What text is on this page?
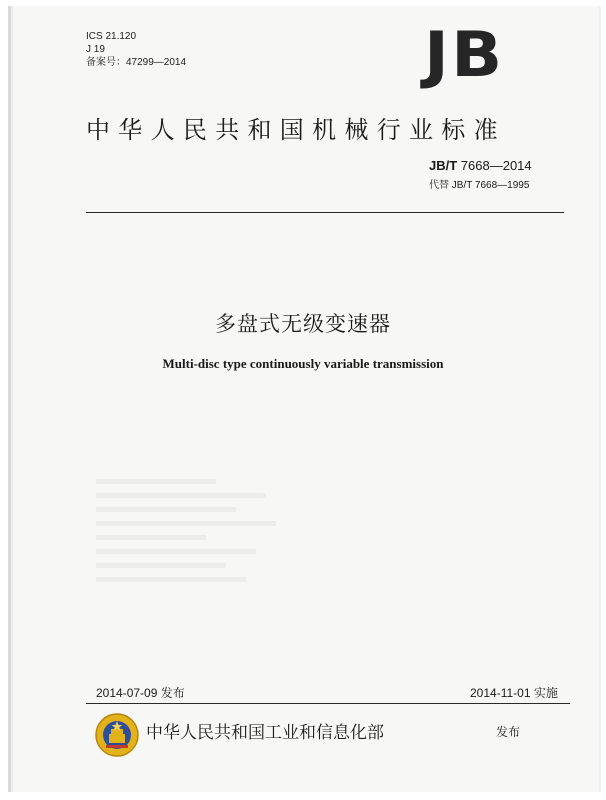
ICS 21.120
J 19
备案号：47299—2014	JB
中华人民共和国机械行业标准
JB/T 7668—2014
代替 JB/T 7668—1995
多盘式无级变速器
Multi-disc type continuously variable transmission
2014-07-09 发布	2014-11-01 实施
中华人民共和国工业和信息化部	发布
